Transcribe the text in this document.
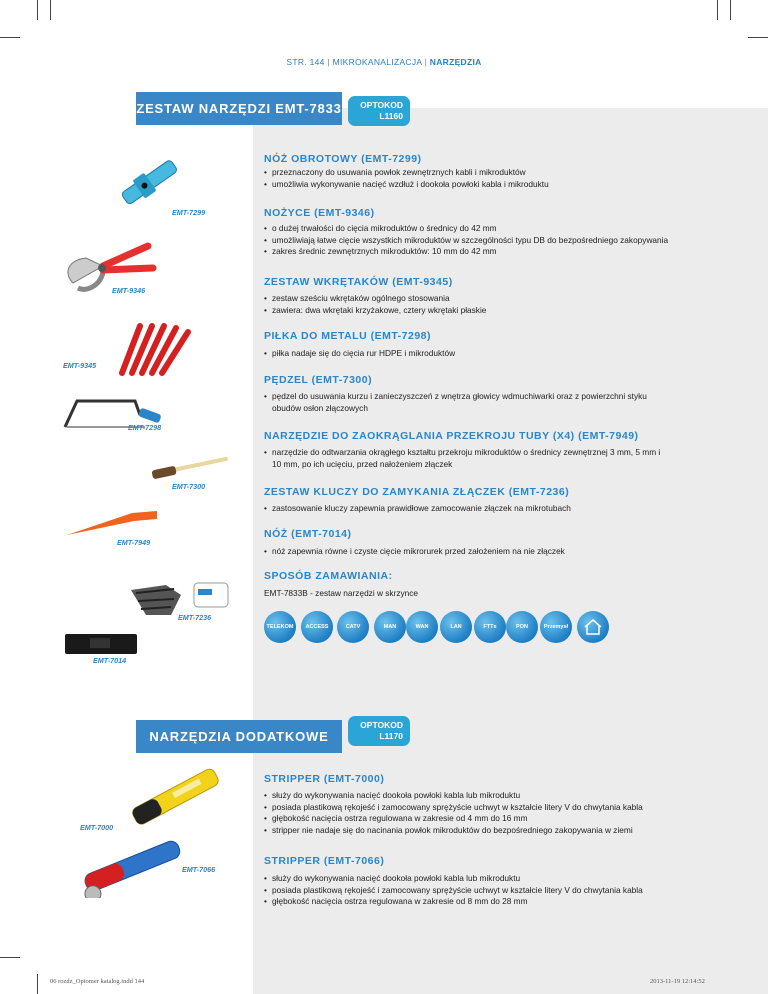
STR. 144 | MIKROKANALIZACJA | NARZĘDZIA
ZESTAW NARZĘDZI EMT-7833	OPTOKOD
L1160
NÓŻ OBROTOWY (EMT-7299)
• przeznaczony do usuwania powłok zewnętrznych kabli i mikroduktów
• umożliwia wykonywanie nacięć wzdłuż i dookoła powłoki kabla i mikroduktu
NOŻYCE (EMT-9346)
• o dużej trwałości do cięcia mikroduktów o średnicy do 42 mm
• umożliwiają łatwe cięcie wszystkich mikroduktów w szczególności typu DB do bezpośredniego zakopywania
• zakres średnic zewnętrznych mikroduktów: 10 mm do 42 mm
ZESTAW WKRĘTAKÓW (EMT-9345)
• zestaw sześciu wkrętaków ogólnego stosowania
• zawiera: dwa wkrętaki krzyżakowe, cztery wkrętaki płaskie
PIŁKA DO METALU (EMT-7298)
• piłka nadaje się do cięcia rur HDPE i mikroduktów
PĘDZEL (EMT-7300)
• pędzel do usuwania kurzu i zanieczyszczeń z wnętrza głowicy wdmuchiwarki oraz z powierzchni styku obudów osłon złączowych
NARZĘDZIE DO ZAOKRĄGLANIA PRZEKROJU TUBY (X4) (EMT-7949)
• narzędzie do odtwarzania okrągłego kształtu przekroju mikroduktów o średnicy zewnętrznej 3 mm, 5 mm i 10 mm, po ich ucięciu, przed nałożeniem złączek
ZESTAW KLUCZY DO ZAMYKANIA ZŁĄCZEK (EMT-7236)
• zastosowanie kluczy zapewnia prawidłowe zamocowanie złączek na mikrotubach
NÓŻ (EMT-7014)
• nóż zapewnia równe i czyste cięcie mikrorurek przed założeniem na nie złączek
SPOSÓB ZAMAWIANIA:
EMT-7833B - zestaw narzędzi w skrzynce
TELEKOM	ACCESS	CATV	MAN	WAN	LAN	FTTx	PON	Przemysł
EMT-7299
EMT-9346
EMT-9345
EMT-7298
EMT-7300
EMT-7949
EMT-7236
EMT-7014
NARZĘDZIA DODATKOWE
OPTOKOD
L1170
STRIPPER (EMT-7000)
• służy do wykonywania nacięć dookoła powłoki kabla lub mikroduktu
• posiada plastikową rękojeść i zamocowany sprężyście uchwyt w kształcie litery V do chwytania kabla
• głębokość nacięcia ostrza regulowana w zakresie od 4 mm do 16 mm
• stripper nie nadaje się do nacinania powłok mikroduktów do bezpośredniego zakopywania w ziemi
STRIPPER (EMT-7066)
• służy do wykonywania nacięć dookoła powłoki kabla lub mikroduktu
• posiada plastikową rękojeść i zamocowany sprężyście uchwyt w kształcie litery V do chwytania kabla
• głębokość nacięcia ostrza regulowana w zakresie od 8 mm do 28 mm
EMT-7000
EMT-7066
06 rozdz_Optomer katalog.indd 144	2013-11-19 12:14:52
